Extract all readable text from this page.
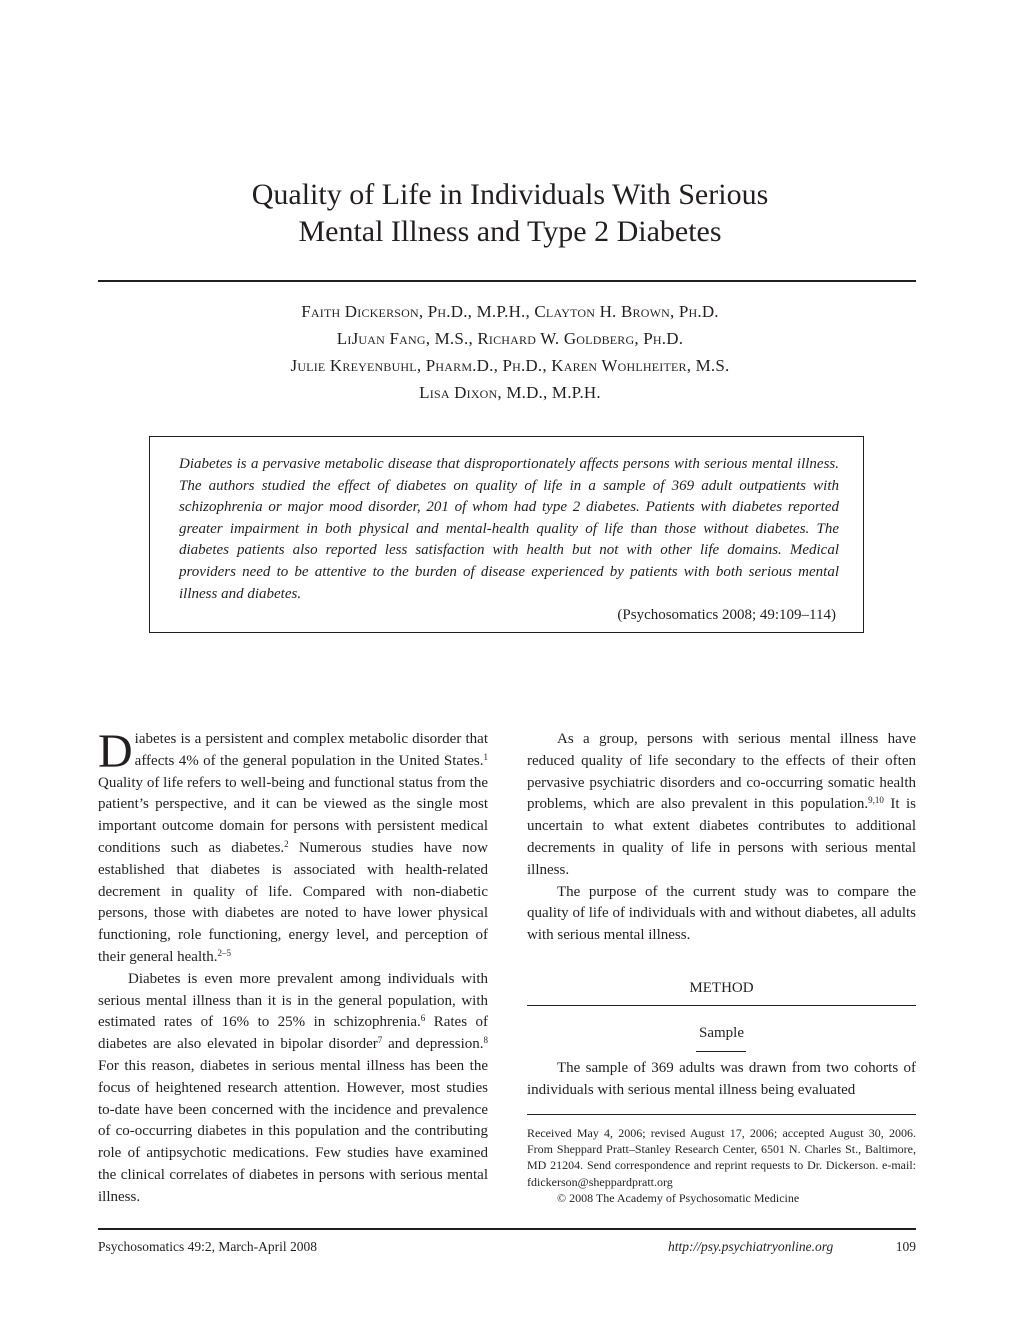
Quality of Life in Individuals With Serious
Mental Illness and Type 2 Diabetes
Faith Dickerson, Ph.D., M.P.H., Clayton H. Brown, Ph.D.
LiJuan Fang, M.S., Richard W. Goldberg, Ph.D.
Julie Kreyenbuhl, Pharm.D., Ph.D., Karen Wohlheiter, M.S.
Lisa Dixon, M.D., M.P.H.
Diabetes is a pervasive metabolic disease that disproportionately affects persons with serious mental illness. The authors studied the effect of diabetes on quality of life in a sample of 369 adult outpatients with schizophrenia or major mood disorder, 201 of whom had type 2 diabetes. Patients with diabetes reported greater impairment in both physical and mental-health quality of life than those without diabetes. The diabetes patients also reported less satisfaction with health but not with other life domains. Medical providers need to be attentive to the burden of disease experienced by patients with both serious mental illness and diabetes.
(Psychosomatics 2008; 49:109–114)

Diabetes is a persistent and complex metabolic disorder that affects 4% of the general population in the United States.$^1$ Quality of life refers to well-being and functional status from the patient’s perspective, and it can be viewed as the single most important outcome domain for persons with persistent medical conditions such as diabetes.$^2$ Numerous studies have now established that diabetes is associated with health-related decrement in quality of life. Compared with non-diabetic persons, those with diabetes are noted to have lower physical functioning, role functioning, energy level, and perception of their general health.$^{2-5}$

Diabetes is even more prevalent among individuals with serious mental illness than it is in the general population, with estimated rates of 16% to 25% in schizophrenia.$^6$ Rates of diabetes are also elevated in bipolar disorder$^7$ and depression.$^8$ For this reason, diabetes in serious mental illness has been the focus of heightened research attention. However, most studies to-date have been concerned with the incidence and prevalence of co-occurring diabetes in this population and the contributing role of antipsychotic medications. Few studies have examined the clinical correlates of diabetes in persons with serious mental illness.

As a group, persons with serious mental illness have reduced quality of life secondary to the effects of their often pervasive psychiatric disorders and co-occurring somatic health problems, which are also prevalent in this population.$^{9,10}$ It is uncertain to what extent diabetes contributes to additional decrements in quality of life in persons with serious mental illness.

The purpose of the current study was to compare the quality of life of individuals with and without diabetes, all adults with serious mental illness.

METHOD
Sample

The sample of 369 adults was drawn from two cohorts of individuals with serious mental illness being evaluated

Received May 4, 2006; revised August 17, 2006; accepted August 30, 2006. From Sheppard Pratt–Stanley Research Center, 6501 N. Charles St., Baltimore, MD 21204. Send correspondence and reprint requests to Dr. Dickerson. e-mail: fdickerson@sheppardpratt.org

© 2008 The Academy of Psychosomatic Medicine

Psychosomatics 49:2, March-April 2008	http://psy.psychiatryonline.org	109
